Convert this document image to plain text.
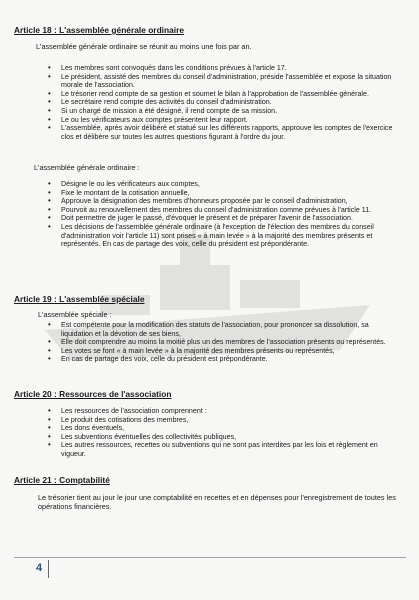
Article 18 : L'assemblée générale ordinaire
L'assemblée générale ordinaire se réunit au moins une fois par an.
• Les membres sont convoqués dans les conditions prévues à l'article 17.
• Le président, assisté des membres du conseil d'administration, préside l'assemblée et expose la situation morale de l'association.
• Le trésorier rend compte de sa gestion et soumet le bilan à l'approbation de l'assemblée générale.
• Le secrétaire rend compte des activités du conseil d'administration.
• Si un chargé de mission a été désigné, il rend compte de sa mission.
• Le ou les vérificateurs aux comptes présentent leur rapport.
• L'assemblée, après avoir délibéré et statué sur les différents rapports, approuve les comptes de l'exercice clos et délibère sur toutes les autres questions figurant à l'ordre du jour.
L'assemblée générale ordinaire :
• Désigne le ou les vérificateurs aux comptes,
• Fixe le montant de la cotisation annuelle,
• Approuve la désignation des membres d'honneurs proposée par le conseil d'administration,
• Pourvoit au renouvellement des membres du conseil d'administration comme prévues à l'article 11.
• Doit permettre de juger le passé, d'évoquer le présent et de préparer l'avenir de l'association.
• Les décisions de l'assemblée générale ordinaire (à l'exception de l'élection des membres du conseil d'administration voir l'article 11) sont prises « à main levée » à la majorité des membres présents et représentés. En cas de partage des voix, celle du président est prépondérante.
Article 19 : L'assemblée spéciale
L'assemblée spéciale :
• Est compétente pour la modification des statuts de l'association, pour prononcer sa dissolution, sa liquidation et la dévotion de ses biens,
• Elle doit comprendre au moins la moitié plus un des membres de l'association présents ou représentés.
• Les votes se font « à main levée » à la majorité des membres présents ou représentés,
• En cas de partage des voix, celle du président est prépondérante.
Article 20 : Ressources de l'association
• Les ressources de l'association comprennent :
• Le produit des cotisations des membres,
• Les dons éventuels,
• Les subventions éventuelles des collectivités publiques,
• Les autres ressources, recettes ou subventions qui ne sont pas interdites par les lois et règlement en vigueur.
Article 21 : Comptabilité
Le trésorier tient au jour le jour une comptabilité en recettes et en dépenses pour l'enregistrement de toutes les opérations financières.
4
